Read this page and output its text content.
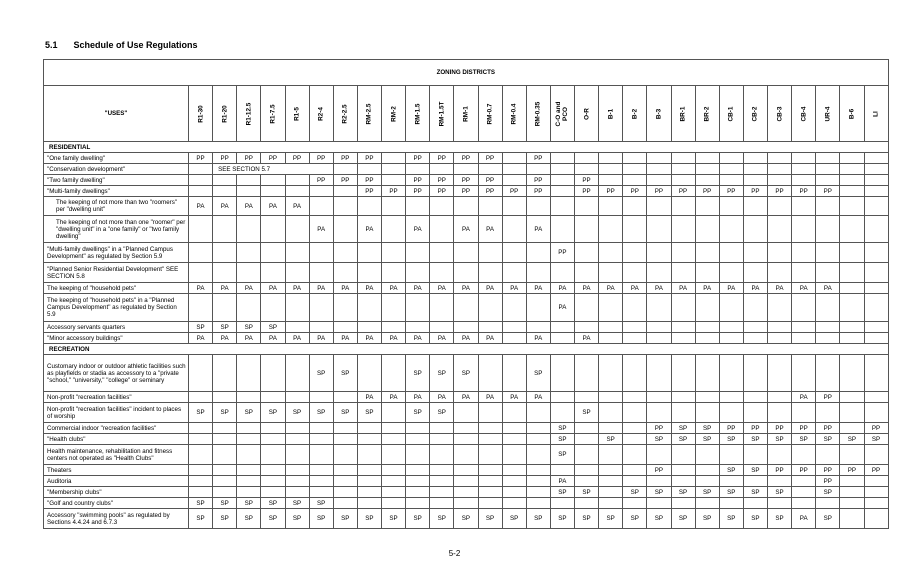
5.1 Schedule of Use Regulations
ZONING DISTRICTS																													
"USES"	R1-30	R1-20	R1-12.5	R1-7.5	R1-5	R2-4	R2-2.5	RM-2.5	RM-2	RM-1.5	RM-1.5T	RM-1	RM-0.7	RM-0.4	RM-0.35	C-O and PCO	O-R	B-1	B-2	B-3	BR-1	BR-2	CB-1	CB-2	CB-3	CB-4	UR-4	B-6	LI

RESIDENTIAL																													
"One family dwelling"	PP	PP	PP	PP	PP	PP	PP	PP		PP	PP	PP	PP		PP														
"Conservation development"		SEE SECTION 5.7																											
"Two family dwelling"						PP	PP	PP		PP	PP	PP	PP		PP		PP												
"Multi-family dwellings"								PP	PP	PP	PP	PP	PP	PP	PP		PP	PP	PP	PP	PP	PP	PP	PP	PP	PP	PP		
The keeping of not more than two "roomers" per "dwelling unit"	PA	PA	PA	PA	PA																								
The keeping of not more than one "roomer" per "dwelling unit" in a "one family" or "two family dwelling"						PA		PA		PA		PA	PA		PA														
"Multi-family dwellings" in a "Planned Campus Development" as regulated by Section 5.9																PP													
"Planned Senior Residential Development" SEE SECTION 5.8																													
The keeping of "household pets"	PA	PA	PA	PA	PA	PA	PA	PA	PA	PA	PA	PA	PA	PA	PA	PA	PA	PA	PA	PA	PA	PA	PA	PA	PA	PA	PA		
The keeping of "household pets" in a "Planned Campus Development" as regulated by Section 5.9																PA													
Accessory servants quarters	SP	SP	SP	SP																									
"Minor accessory buildings"	PA	PA	PA	PA	PA	PA	PA	PA	PA	PA	PA	PA	PA		PA		PA												
RECREATION																													
Customary indoor or outdoor athletic facilities such as playfields or stadia as accessory to a "private "school," "university," "college" or seminary						SP	SP			SP	SP	SP			SP														
Non-profit "recreation facilities"								PA	PA	PA	PA	PA	PA	PA	PA											PA	PP		
Non-profit "recreation facilities" incident to places of worship	SP	SP	SP	SP	SP	SP	SP	SP		SP	SP						SP												
Commercial indoor "recreation facilities"																SP				PP	SP	SP	PP	PP	PP	PP	PP		PP
"Health clubs"																SP		SP		SP	SP	SP	SP	SP	SP	SP	SP	SP	SP
Health maintenance, rehabilitation and fitness centers not operated as "Health Clubs"																SP													
Theaters																				PP			SP	SP	PP	PP	PP	PP	PP
Auditoria																PA											PP		
"Membership clubs"																SP	SP		SP	SP	SP	SP	SP	SP	SP		SP		
"Golf and country clubs"	SP	SP	SP	SP	SP	SP																							
Accessory "swimming pools" as regulated by Sections 4.4.24 and 6.7.3	SP	SP	SP	SP	SP	SP	SP	SP	SP	SP	SP	SP	SP	SP	SP	SP	SP	SP	SP	SP	SP	SP	SP	SP	SP	PA	SP		
5-2
